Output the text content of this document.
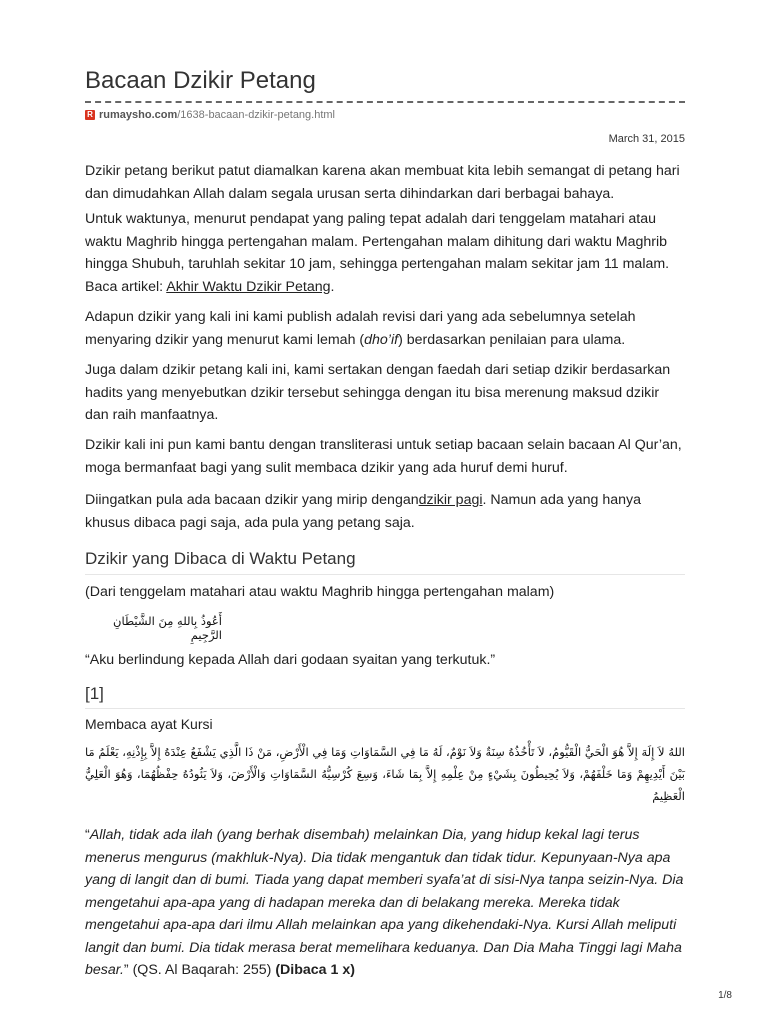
Bacaan Dzikir Petang
R rumaysho.com /1638-bacaan-dzikir-petang.html
March 31, 2015

Dzikir petang berikut patut diamalkan karena akan membuat kita lebih semangat di petang hari dan dimudahkan Allah dalam segala urusan serta dihindarkan dari berbagai bahaya.

Untuk waktunya, menurut pendapat yang paling tepat adalah dari tenggelam matahari atau waktu Maghrib hingga pertengahan malam. Pertengahan malam dihitung dari waktu Maghrib hingga Shubuh, taruhlah sekitar 10 jam, sehingga pertengahan malam sekitar jam 11 malam. Baca artikel: Akhir Waktu Dzikir Petang.

Adapun dzikir yang kali ini kami publish adalah revisi dari yang ada sebelumnya setelah menyaring dzikir yang menurut kami lemah (dho’if) berdasarkan penilaian para ulama.

Juga dalam dzikir petang kali ini, kami sertakan dengan faedah dari setiap dzikir berdasarkan hadits yang menyebutkan dzikir tersebut sehingga dengan itu bisa merenung maksud dzikir dan raih manfaatnya.

Dzikir kali ini pun kami bantu dengan transliterasi untuk setiap bacaan selain bacaan Al Qur’an, moga bermanfaat bagi yang sulit membaca dzikir yang ada huruf demi huruf.

Diingatkan pula ada bacaan dzikir yang mirip dengandzikir pagi. Namun ada yang hanya khusus dibaca pagi saja, ada pula yang petang saja.

Dzikir yang Dibaca di Waktu Petang

(Dari tenggelam matahari atau waktu Maghrib hingga pertengahan malam)

أَعُوذُ بِاللهِ مِنَ الشَّيْطَانِ الرَّجِيمِ

“Aku berlindung kepada Allah dari godaan syaitan yang terkutuk.”

[1]
Membaca ayat Kursi

اللهُ لاَ إِلَهَ إِلاَّ هُوَ الْحَيُّ الْقَيُّومُ، لاَ تَأْخُذُهُ سِنَةٌ وَلاَ نَوْمٌ، لَهُ مَا فِي السَّمَاوَاتِ وَمَا فِي الْأَرْضِ، مَنْ ذَا الَّذِي يَشْفَعُ عِنْدَهُ إِلاَّ بِإِذْنِهِ، يَعْلَمُ مَا بَيْنَ أَيْدِيهِمْ وَمَا خَلْفَهُمْ، وَلاَ يُحِيطُونَ بِشَيْءٍ مِنْ عِلْمِهِ إِلاَّ بِمَا شَاءَ، وَسِعَ كُرْسِيُّهُ السَّمَاوَاتِ وَالْأَرْضَ، وَلاَ يَئُودُهُ حِفْظُهُمَا، وَهُوَ الْعَلِيُّ الْعَظِيمُ

“Allah, tidak ada ilah (yang berhak disembah) melainkan Dia, yang hidup kekal lagi terus menerus mengurus (makhluk-Nya). Dia tidak mengantuk dan tidak tidur. Kepunyaan-Nya apa yang di langit dan di bumi. Tiada yang dapat memberi syafa’at di sisi-Nya tanpa seizin-Nya. Dia mengetahui apa-apa yang di hadapan mereka dan di belakang mereka. Mereka tidak mengetahui apa-apa dari ilmu Allah melainkan apa yang dikehendaki-Nya. Kursi Allah meliputi langit dan bumi. Dia tidak merasa berat memelihara keduanya. Dan Dia Maha Tinggi lagi Maha besar.” (QS. Al Baqarah: 255) (Dibaca 1 x)

1/8
